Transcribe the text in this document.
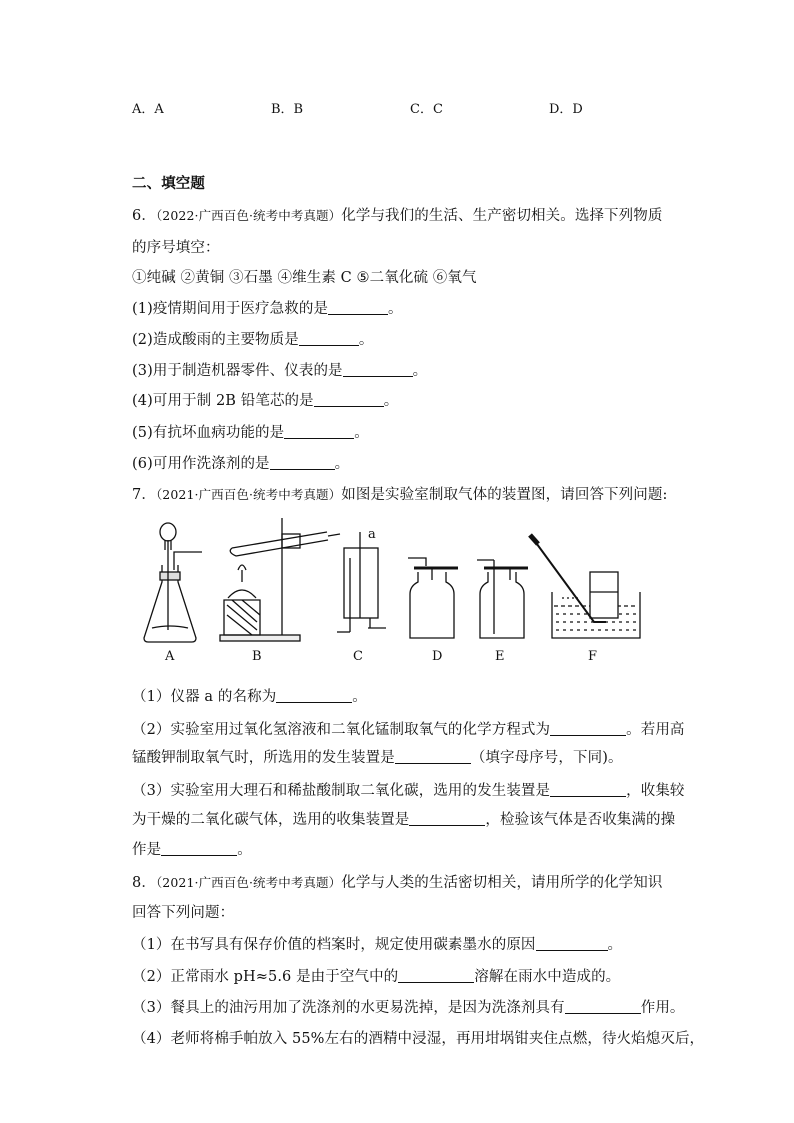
A．A	B．B	C．C	D．D
二、填空题
6．（2022·广西百色·统考中考真题）化学与我们的生活、生产密切相关。选择下列物质
的序号填空：
①纯碱 ②黄铜 ③石墨 ④维生素 C ⑤二氧化硫 ⑥氧气
(1)疫情期间用于医疗急救的是	。
(2)造成酸雨的主要物质是	。
(3)用于制造机器零件、仪表的是	。
(4)可用于制 2B 铅笔芯的是	。
(5)有抗坏血病功能的是	。
(6)可用作洗涤剂的是	。
7．（2021·广西百色·统考中考真题）如图是实验室制取气体的装置图，请回答下列问题:
a
A	B	C	D	E	F
（1）仪器 a 的名称为	。
（2）实验室用过氧化氢溶液和二氧化锰制取氧气的化学方程式为	。若用高
锰酸钾制取氧气时，所选用的发生装置是	（填字母序号，下同)。
（3）实验室用大理石和稀盐酸制取二氧化碳，选用的发生装置是	，收集较
为干燥的二氧化碳气体，选用的收集装置是	，检验该气体是否收集满的操
作是	。
8．（2021·广西百色·统考中考真题）化学与人类的生活密切相关，请用所学的化学知识
回答下列问题：
（1）在书写具有保存价值的档案时，规定使用碳素墨水的原因	。
（2）正常雨水 pH≈5.6 是由于空气中的	溶解在雨水中造成的。
（3）餐具上的油污用加了洗涤剂的水更易洗掉，是因为洗涤剂具有	作用。
（4）老师将棉手帕放入 55%左右的酒精中浸湿，再用坩埚钳夹住点燃，待火焰熄灭后，
